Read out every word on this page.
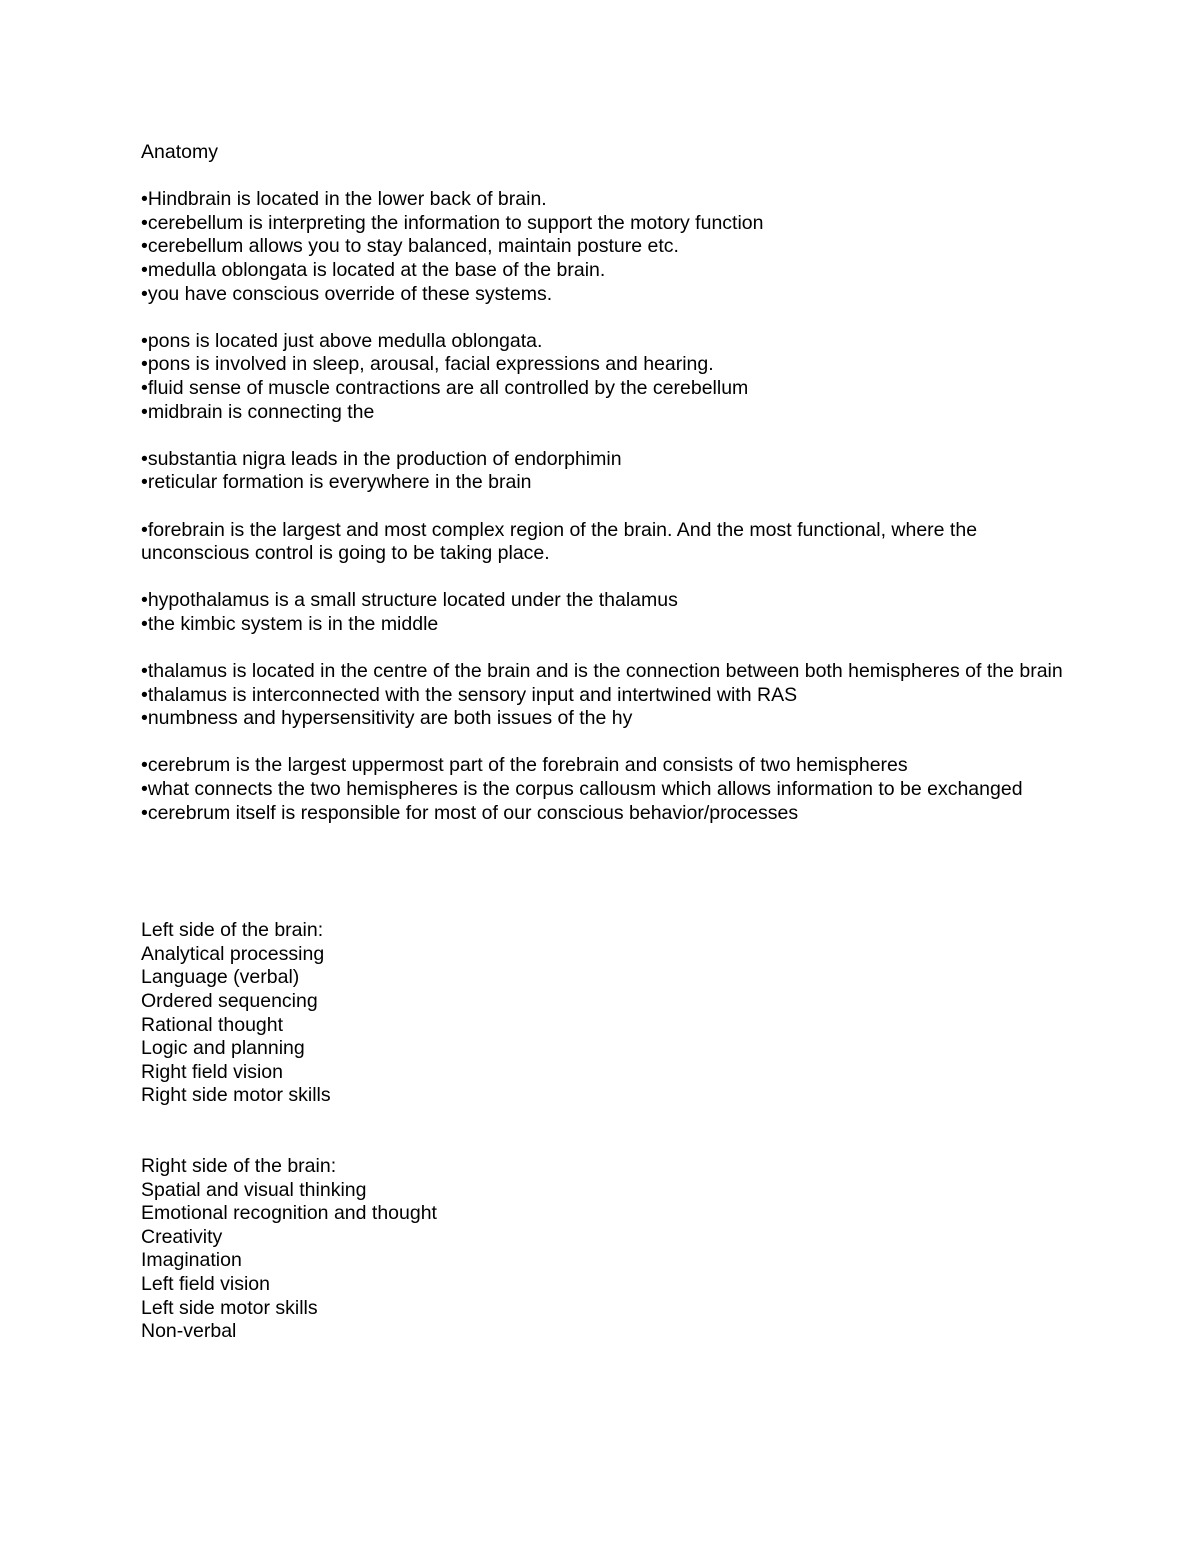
Anatomy
•Hindbrain is located in the lower back of brain.
•cerebellum is interpreting the information to support the motory function
•cerebellum allows you to stay balanced, maintain posture etc.
•medulla oblongata is located at the base of the brain.
•you have conscious override of these systems.
•pons is located just above medulla oblongata.
•pons is involved in sleep, arousal, facial expressions and hearing.
•fluid sense of muscle contractions are all controlled by the cerebellum
•midbrain is connecting the
•substantia nigra leads in the production of endorphimin
•reticular formation is everywhere in the brain
•forebrain is the largest and most complex region of the brain. And the most functional, where the unconscious control is going to be taking place.
•hypothalamus is a small structure located under the thalamus
•the kimbic system is in the middle
•thalamus is located in the centre of the brain and is the connection between both hemispheres of the brain
•thalamus is interconnected with the sensory input and intertwined with RAS
•numbness and hypersensitivity are both issues of the hy
•cerebrum is the largest uppermost part of the forebrain and consists of two hemispheres
•what connects the two hemispheres is the corpus callousm which allows information to be exchanged
•cerebrum itself is responsible for most of our conscious behavior/processes
Left side of the brain:
Analytical processing
Language (verbal)
Ordered sequencing
Rational thought
Logic and planning
Right field vision
Right side motor skills
Right side of the brain:
Spatial and visual thinking
Emotional recognition and thought
Creativity
Imagination
Left field vision
Left side motor skills
Non-verbal
